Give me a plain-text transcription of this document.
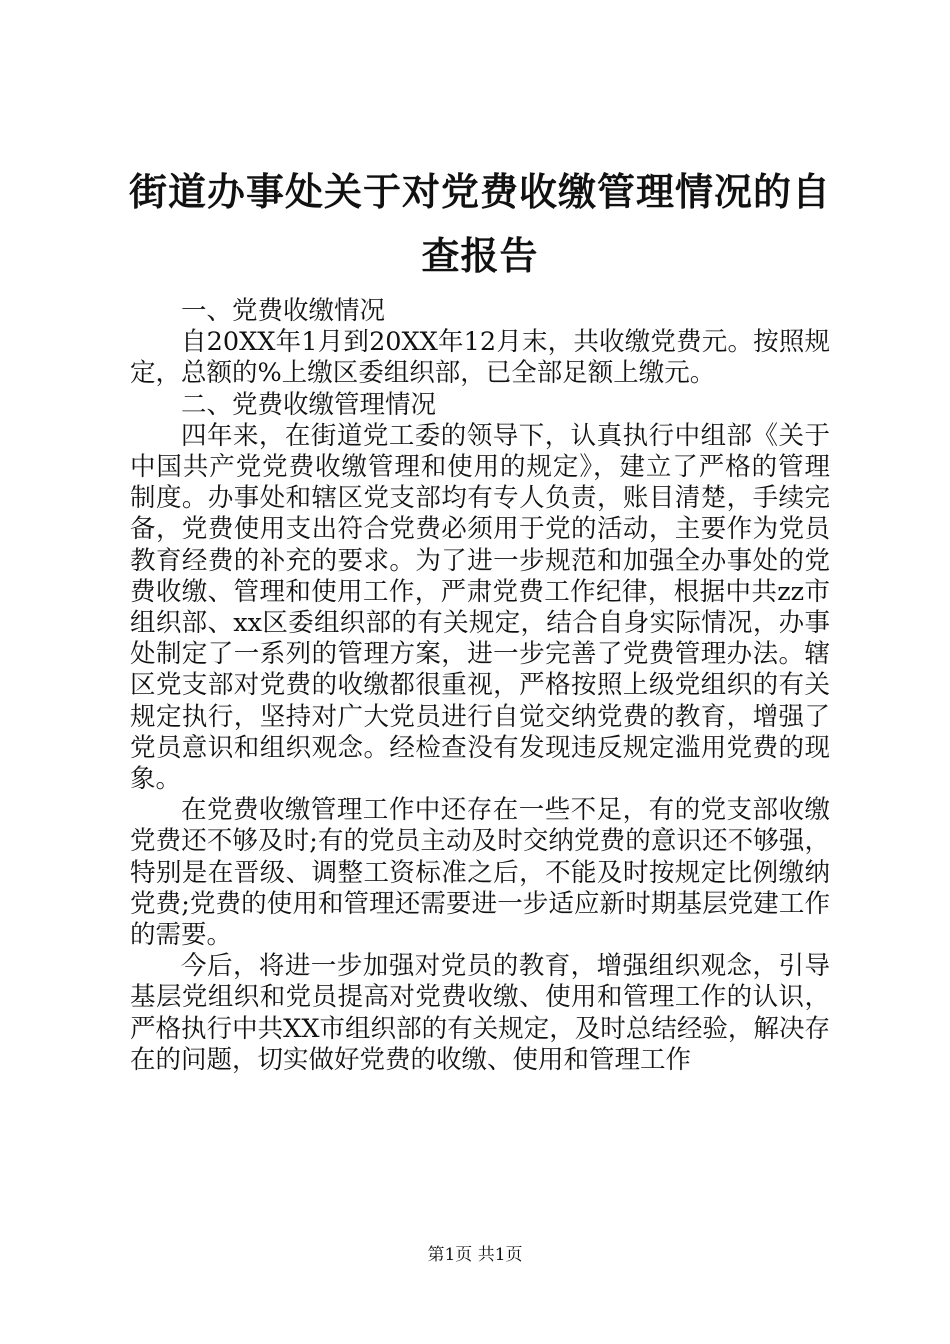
街道办事处关于对党费收缴管理情况的自查报告

一、党费收缴情况

自20XX年1月到20XX年12月末，共收缴党费元。按照规定，总额的%上缴区委组织部，已全部足额上缴元。

二、党费收缴管理情况

四年来，在街道党工委的领导下，认真执行中组部《关于中国共产党党费收缴管理和使用的规定》，建立了严格的管理制度。办事处和辖区党支部均有专人负责，账目清楚，手续完备，党费使用支出符合党费必须用于党的活动，主要作为党员教育经费的补充的要求。为了进一步规范和加强全办事处的党费收缴、管理和使用工作，严肃党费工作纪律，根据中共zz市组织部、xx区委组织部的有关规定，结合自身实际情况，办事处制定了一系列的管理方案，进一步完善了党费管理办法。辖区党支部对党费的收缴都很重视，严格按照上级党组织的有关规定执行，坚持对广大党员进行自觉交纳党费的教育，增强了党员意识和组织观念。经检查没有发现违反规定滥用党费的现象。

在党费收缴管理工作中还存在一些不足，有的党支部收缴党费还不够及时;有的党员主动及时交纳党费的意识还不够强，特别是在晋级、调整工资标准之后，不能及时按规定比例缴纳党费;党费的使用和管理还需要进一步适应新时期基层党建工作的需要。

今后，将进一步加强对党员的教育，增强组织观念，引导基层党组织和党员提高对党费收缴、使用和管理工作的认识，严格执行中共XX市组织部的有关规定，及时总结经验，解决存在的问题，切实做好党费的收缴、使用和管理工作

第1页 共1页
